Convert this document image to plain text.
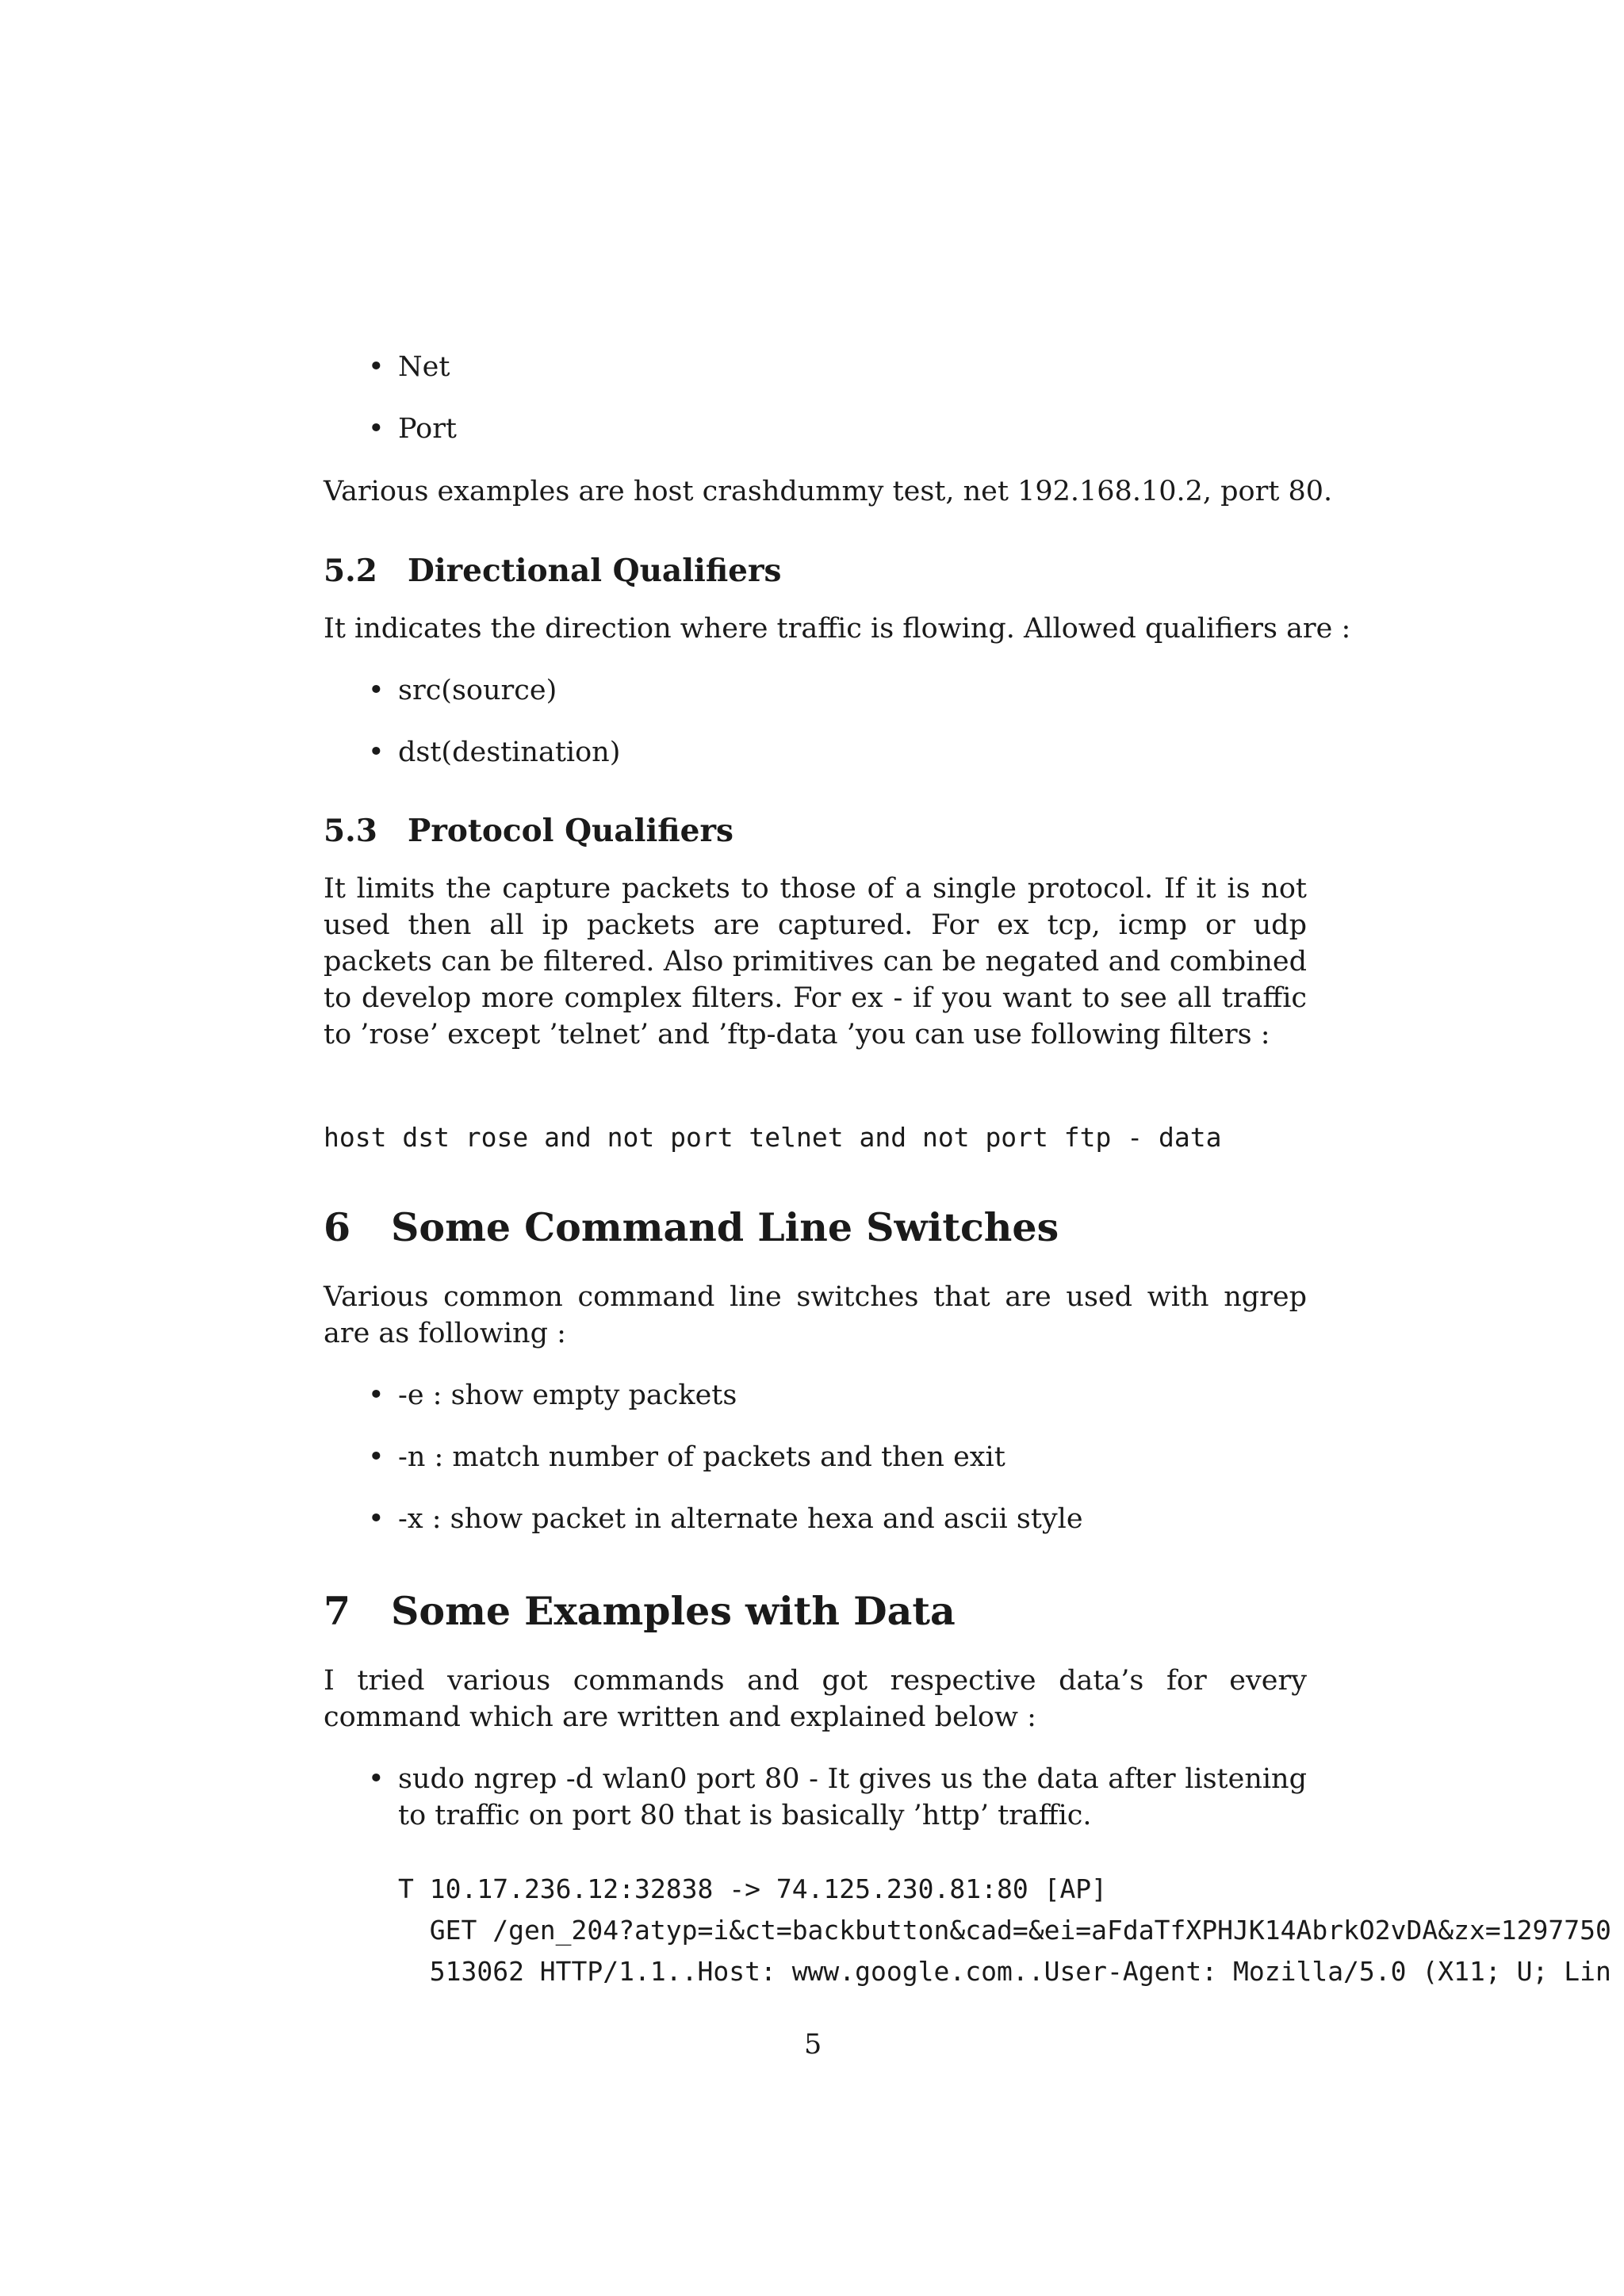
• Net
• Port

Various examples are host crashdummy test, net 192.168.10.2, port 80.

5.2 Directional Qualifiers

It indicates the direction where traffic is flowing. Allowed qualifiers are :

• src(source)
• dst(destination)
5.3 Protocol Qualifiers

It limits the capture packets to those of a single protocol. If it is not used then all ip packets are captured. For ex tcp, icmp or udp packets can be filtered. Also primitives can be negated and combined to develop more complex filters. For ex - if you want to see all traffic to ’rose’ except ’telnet’ and ’ftp-data ’you can use following filters :

host dst rose and not port telnet and not port ftp - data

6 Some Command Line Switches

Various common command line switches that are used with ngrep are as following :

• -e : show empty packets
• -n : match number of packets and then exit
• -x : show packet in alternate hexa and ascii style
7 Some Examples with Data

I tried various commands and got respective data’s for every command which are written and explained below :

• sudo ngrep -d wlan0 port 80 - It gives us the data after listening to traffic on port 80 that is basically ’http’ traffic.

T 10.17.236.12:32838 -> 74.125.230.81:80 [AP]

GET /gen_204?atyp=i&ct=backbutton&cad=&ei=aFdaTfXPHJK14AbrkO2vDA&zx=1297750

513062 HTTP/1.1..Host: www.google.com..User-Agent: Mozilla/5.0 (X11; U; Lin

5
